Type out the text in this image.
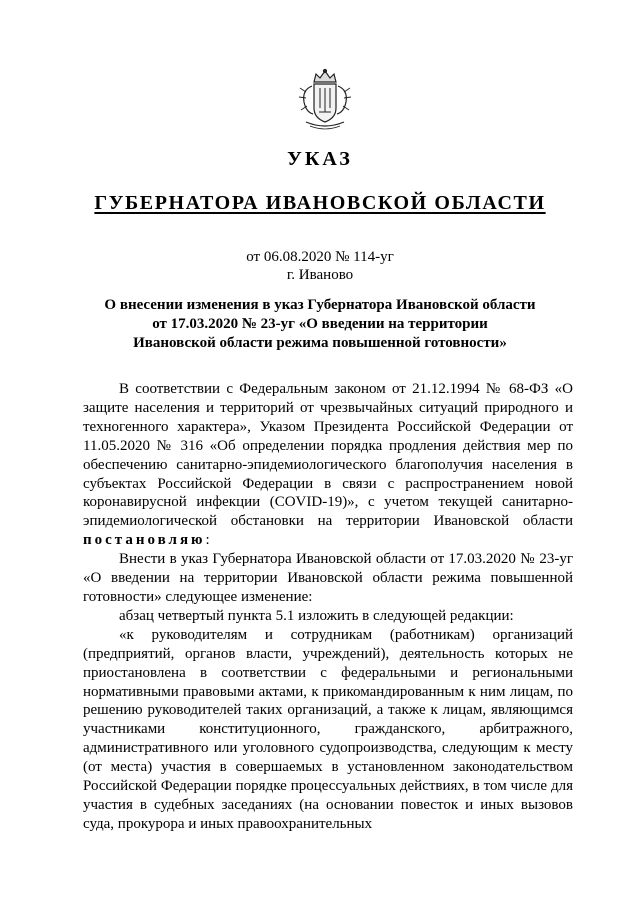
УКАЗ
ГУБЕРНАТОРА ИВАНОВСКОЙ ОБЛАСТИ
от 06.08.2020 № 114-уг
г. Иваново
О внесении изменения в указ Губернатора Ивановской области
от 17.03.2020 № 23-уг «О введении на территории
Ивановской области режима повышенной готовности»

В соответствии с Федеральным законом от 21.12.1994 № 68-ФЗ «О защите населения и территорий от чрезвычайных ситуаций природного и техногенного характера», Указом Президента Российской Федерации от 11.05.2020 № 316 «Об определении порядка продления действия мер по обеспечению санитарно-эпидемиологического благополучия населения в субъектах Российской Федерации в связи с распространением новой коронавирусной инфекции (COVID-19)», с учетом текущей санитарно-эпидемиологической обстановки на территории Ивановской области постановляю:

Внести в указ Губернатора Ивановской области от 17.03.2020 № 23-уг «О введении на территории Ивановской области режима повышенной готовности» следующее изменение:

абзац четвертый пункта 5.1 изложить в следующей редакции:

«к руководителям и сотрудникам (работникам) организаций (предприятий, органов власти, учреждений), деятельность которых не приостановлена в соответствии с федеральными и региональными нормативными правовыми актами, к прикомандированным к ним лицам, по решению руководителей таких организаций, а также к лицам, являющимся участниками конституционного, гражданского, арбитражного, административного или уголовного судопроизводства, следующим к месту (от места) участия в совершаемых в установленном законодательством Российской Федерации порядке процессуальных действиях, в том числе для участия в судебных заседаниях (на основании повесток и иных вызовов суда, прокурора и иных правоохранительных
